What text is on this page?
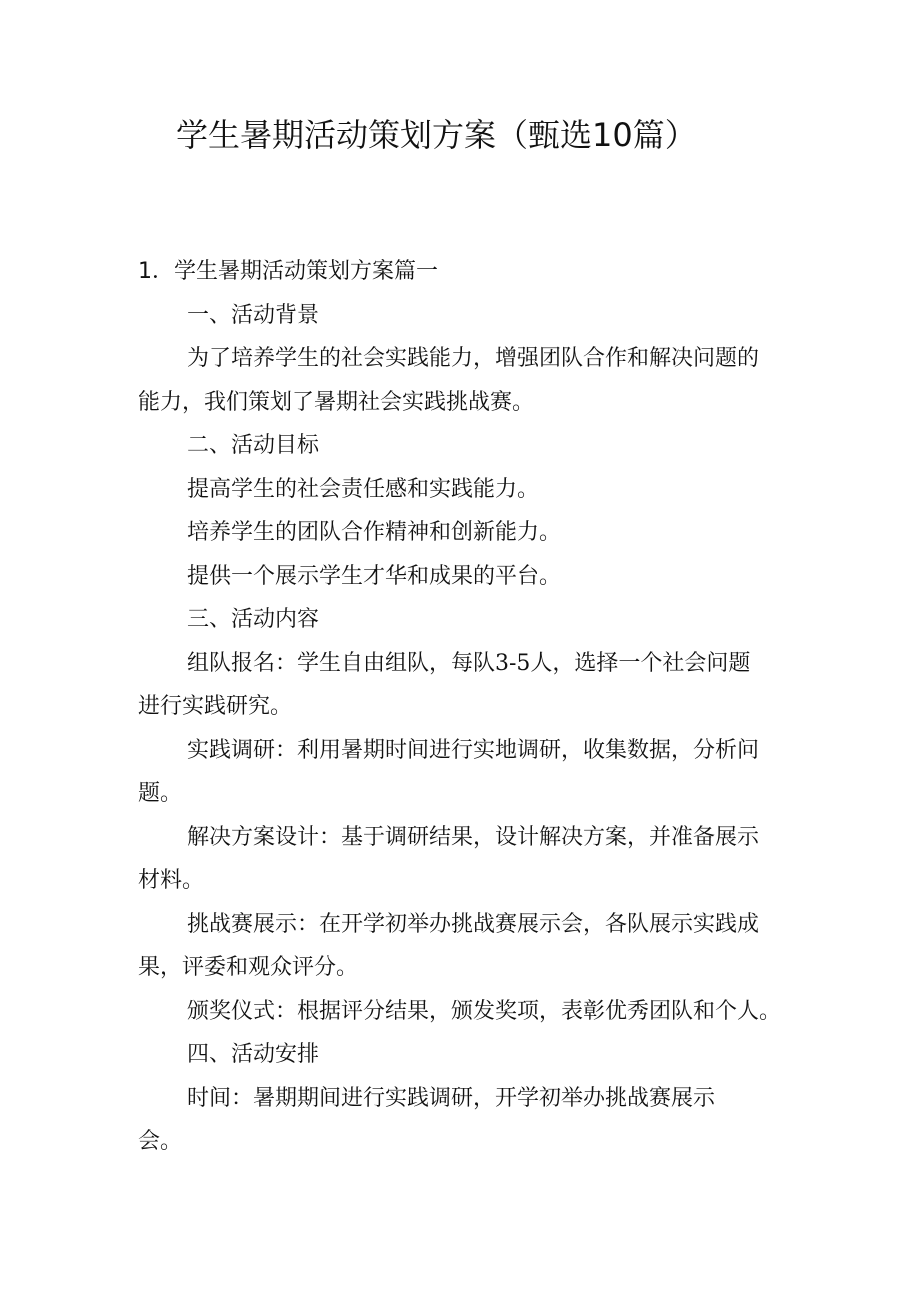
学生暑期活动策划方案（甄选10篇）

1．学生暑期活动策划方案篇一

一、活动背景

为了培养学生的社会实践能力，增强团队合作和解决问题的

能力，我们策划了暑期社会实践挑战赛。

二、活动目标

提高学生的社会责任感和实践能力。

培养学生的团队合作精神和创新能力。

提供一个展示学生才华和成果的平台。

三、活动内容

组队报名：学生自由组队，每队3-5人，选择一个社会问题

进行实践研究。

实践调研：利用暑期时间进行实地调研，收集数据，分析问

题。

解决方案设计：基于调研结果，设计解决方案，并准备展示

材料。

挑战赛展示：在开学初举办挑战赛展示会，各队展示实践成

果，评委和观众评分。

颁奖仪式：根据评分结果，颁发奖项，表彰优秀团队和个人。

四、活动安排

时间：暑期期间进行实践调研，开学初举办挑战赛展示

会。
